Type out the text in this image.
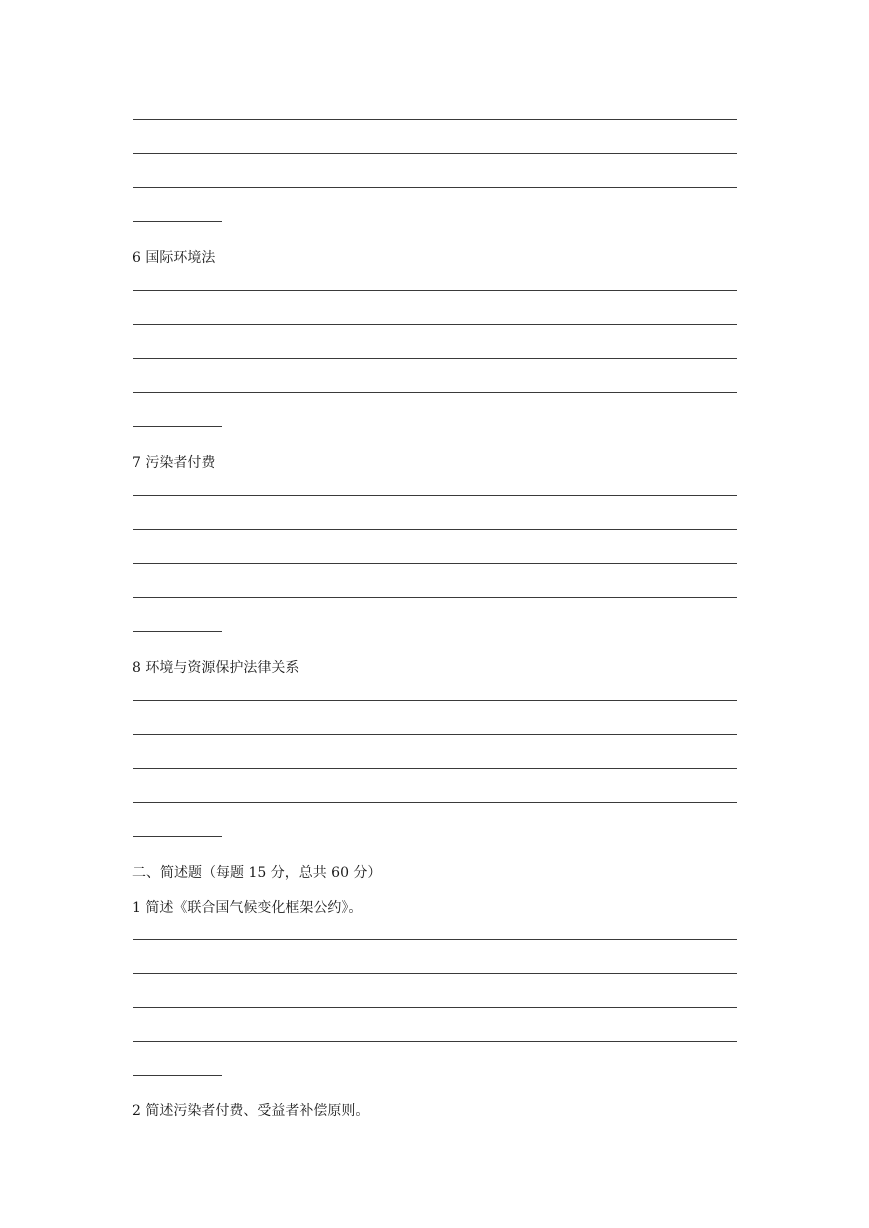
6 国际环境法
7 污染者付费
8 环境与资源保护法律关系
二、简述题（每题 15 分，总共 60 分）
1 简述《联合国气候变化框架公约》。
2 简述污染者付费、受益者补偿原则。
